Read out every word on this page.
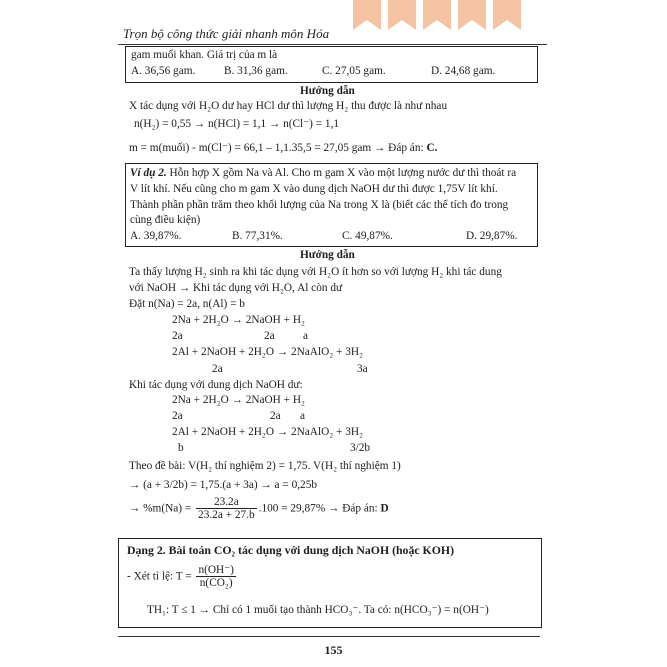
Trọn bộ công thức giải nhanh môn Hóa
gam muối khan. Giá trị của m là
A. 36,56 gam.	B. 31,36 gam.	C. 27,05 gam.	D. 24,68 gam.
Hướng dẫn
X tác dụng với H₂O dư hay HCl dư thì lượng H₂ thu được là như nhau
n(H₂) = 0,55 → n(HCl) = 1,1 → n(Cl⁻) = 1,1
m = m(muối) - m(Cl⁻) = 66,1 – 1,1.35,5 = 27,05 gam → Đáp án: C.
Ví dụ 2. Hỗn hợp X gồm Na và Al. Cho m gam X vào một lượng nước dư thì thoát ra
V lít khí. Nếu cũng cho m gam X vào dung dịch NaOH dư thì được 1,75V lít khí.
Thành phần phần trăm theo khối lượng của Na trong X là (biết các thể tích đo trong
cùng điều kiện)
A. 39,87%.	B. 77,31%.	C. 49,87%.	D. 29,87%.
Hướng dẫn
Ta thấy lượng H₂ sinh ra khi tác dụng với H₂O ít hơn so với lượng H₂ khi tác dung
với NaOH → Khi tác dụng với H₂O, Al còn dư
Đặt n(Na) = 2a, n(Al) = b
2Na + 2H₂O → 2NaOH + H₂
2a	2a	a
2Al + 2NaOH + 2H₂O → 2NaAlO₂ + 3H₂
2a	3a
Khi tác dụng với dung dịch NaOH dư:
2Na + 2H₂O → 2NaOH + H₂
2a	2a a
2Al + 2NaOH + 2H₂O → 2NaAlO₂ + 3H₂
b	3/2b
Theo đề bài: V(H₂ thí nghiệm 2) = 1,75. V(H₂ thí nghiệm 1)
→ (a + 3/2b) = 1,75.(a + 3a) → a = 0,25b
→ $\%m(Na) = \frac{23.2a}{23.2a + 27.b} .100 = 29,87\%$ → Đáp án: D
Dạng 2. Bài toán CO₂ tác dụng với dung dịch NaOH (hoặc KOH)
- Xét tỉ lệ: $T = \frac{n(OH^-)}{\text{n(CO₂)}}$
TH₁: T ≤ 1 → Chỉ có 1 muối tạo thành HCO₃⁻. Ta có: n(HCO₃⁻) = n(OH⁻)
155
